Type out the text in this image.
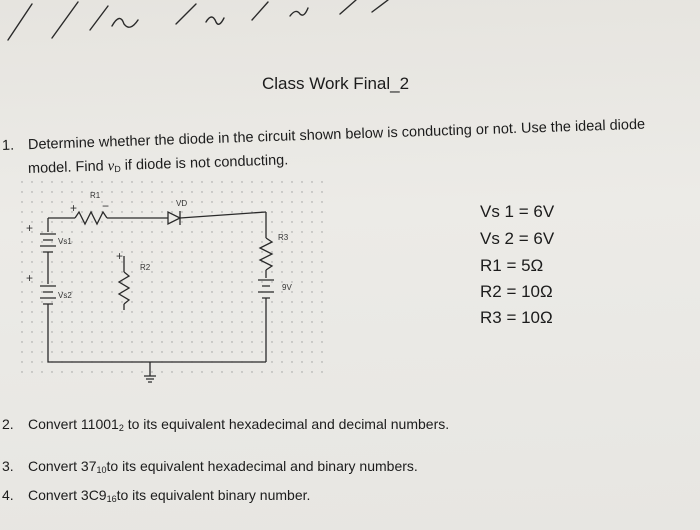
Class Work Final_2
1. Determine whether the diode in the circuit shown below is conducting or not. Use the ideal diode
model. Find $v_D$ if diode is not conducting.
R1
+ −	VD
R3
9V
R2
+
Vs1
Vs2
+
+
Vs 1 = 6V
Vs 2 = 6V
R1 = 5Ω
R2 = 10Ω
R3 = 10Ω
2. Convert $11001_2$ to its equivalent hexadecimal and decimal numbers.
3. Convert $37_{10}to$ its equivalent hexadecimal and binary numbers.
4. Convert $3C9_{16}to$ its equivalent binary number.
